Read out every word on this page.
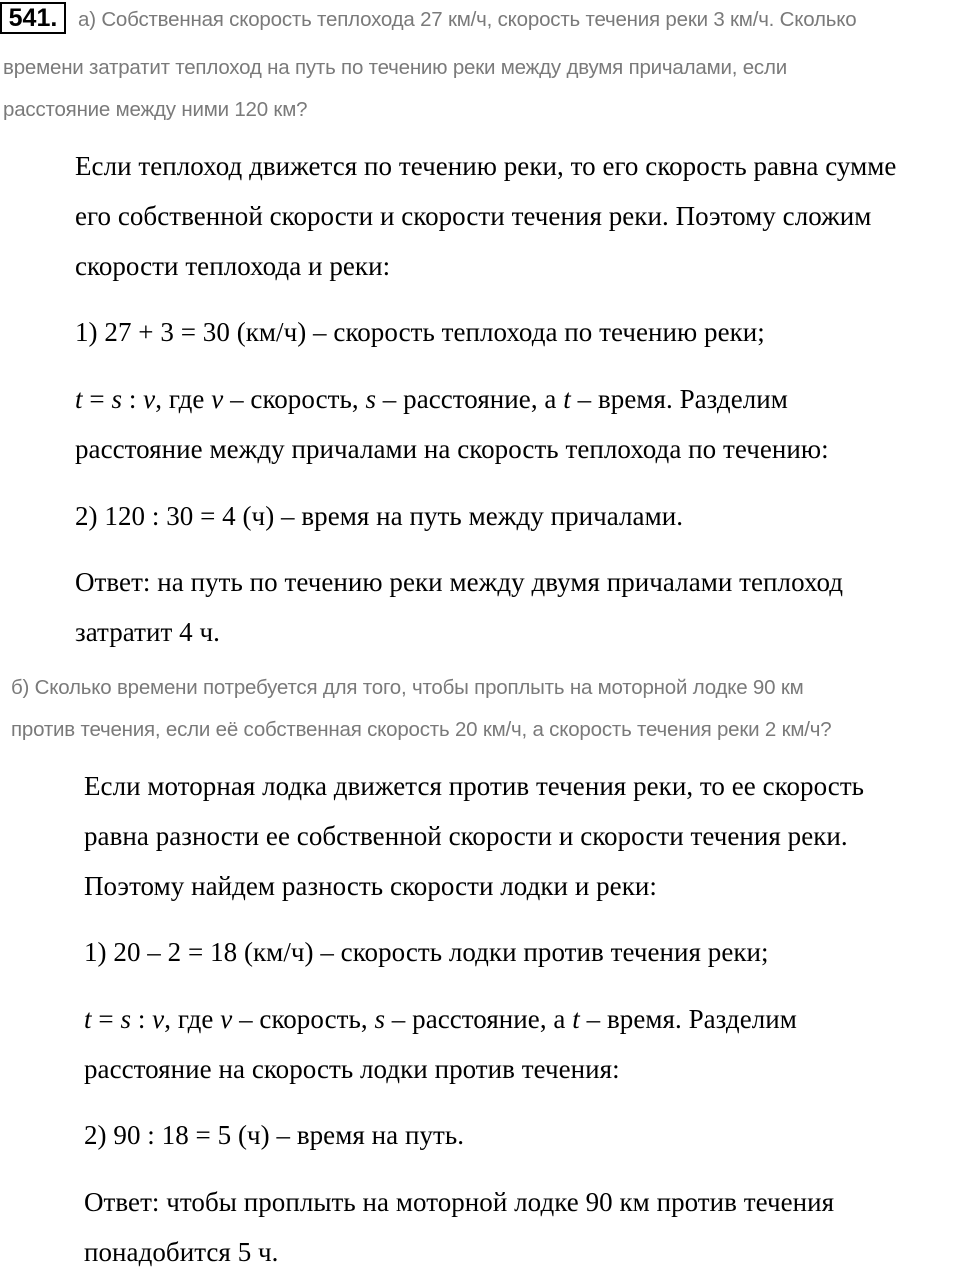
541.	а) Собственная скорость теплохода 27 км/ч, скорость течения реки 3 км/ч. Сколько

времени затратит теплоход на путь по течению реки между двумя причалами, если

расстояние между ними 120 км?

Если теплоход движется по течению реки, то его скорость равна сумме

его собственной скорости и скорости течения реки. Поэтому сложим

скорости теплохода и реки:

1) 27 + 3 = 30 (км/ч) – скорость теплохода по течению реки;

t = s : v, где v – скорость, s – расстояние, а t – время. Разделим

расстояние между причалами на скорость теплохода по течению:

2) 120 : 30 = 4 (ч) – время на путь между причалами.

Ответ: на путь по течению реки между двумя причалами теплоход

затратит 4 ч.

б) Сколько времени потребуется для того, чтобы проплыть на моторной лодке 90 км

против течения, если её собственная скорость 20 км/ч, а скорость течения реки 2 км/ч?

Если моторная лодка движется против течения реки, то ее скорость

равна разности ее собственной скорости и скорости течения реки.

Поэтому найдем разность скорости лодки и реки:

1) 20 – 2 = 18 (км/ч) – скорость лодки против течения реки;

t = s : v, где v – скорость, s – расстояние, а t – время. Разделим

расстояние на скорость лодки против течения:

2) 90 : 18 = 5 (ч) – время на путь.

Ответ: чтобы проплыть на моторной лодке 90 км против течения

понадобится 5 ч.
